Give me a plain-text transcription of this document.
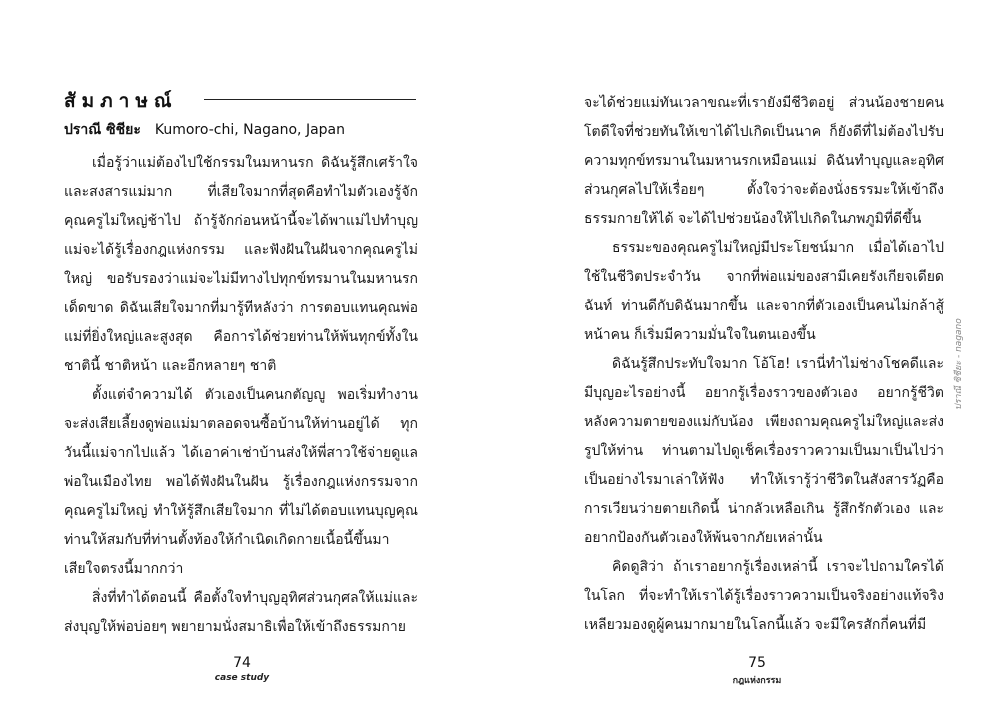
สัมภาษณ์
ปราณี ซิชียะ Kumoro-chi, Nagano, Japan

เมื่อรู้ว่าแม่ต้องไปใช้กรรมในมหานรก ดิฉันรู้สึกเศร้าใจและสงสารแม่มาก ที่เสียใจมากที่สุดคือทำไมตัวเองรู้จักคุณครูไม่ใหญ่ช้าไป ถ้ารู้จักก่อนหน้านี้จะได้พาแม่ไปทำบุญ แม่จะได้รู้เรื่องกฎแห่งกรรม และฟังฝันในฝันจากคุณครูไม่ใหญ่ ขอรับรองว่าแม่จะไม่มีทางไปทุกข์ทรมานในมหานรกเด็ดขาด ดิฉันเสียใจมากที่มารู้ทีหลังว่า การตอบแทนคุณพ่อแม่ที่ยิ่งใหญ่และสูงสุด คือการได้ช่วยท่านให้พ้นทุกข์ทั้งในชาตินี้ ชาติหน้า และอีกหลายๆ ชาติ

ตั้งแต่จำความได้ ตัวเองเป็นคนกตัญญู พอเริ่มทำงานจะส่งเสียเลี้ยงดูพ่อแม่มาตลอดจนซื้อบ้านให้ท่านอยู่ได้ ทุกวันนี้แม่จากไปแล้ว ได้เอาค่าเช่าบ้านส่งให้พี่สาวใช้จ่ายดูแลพ่อในเมืองไทย พอได้ฟังฝันในฝัน รู้เรื่องกฎแห่งกรรมจากคุณครูไม่ใหญ่ ทำให้รู้สึกเสียใจมาก ที่ไม่ได้ตอบแทนบุญคุณท่านให้สมกับที่ท่านตั้งท้องให้กำเนิดเกิดกายเนื้อนี้ขึ้นมา เสียใจตรงนี้มากกว่า

สิ่งที่ทำได้ตอนนี้ คือตั้งใจทำบุญอุทิศส่วนกุศลให้แม่และส่งบุญให้พ่อบ่อยๆ พยายามนั่งสมาธิเพื่อให้เข้าถึงธรรมกาย

74
case study

จะได้ช่วยแม่ทันเวลาขณะที่เรายังมีชีวิตอยู่ ส่วนน้องชายคนโตดีใจที่ช่วยทันให้เขาได้ไปเกิดเป็นนาค ก็ยังดีที่ไม่ต้องไปรับความทุกข์ทรมานในมหานรกเหมือนแม่ ดิฉันทำบุญและอุทิศส่วนกุศลไปให้เรื่อยๆ ตั้งใจว่าจะต้องนั่งธรรมะให้เข้าถึงธรรมกายให้ได้ จะได้ไปช่วยน้องให้ไปเกิดในภพภูมิที่ดีขึ้น

ธรรมะของคุณครูไม่ใหญ่มีประโยชน์มาก เมื่อได้เอาไปใช้ในชีวิตประจำวัน จากที่พ่อแม่ของสามีเคยรังเกียจเดียดฉันท์ ท่านดีกับดิฉันมากขึ้น และจากที่ตัวเองเป็นคนไม่กล้าสู้หน้าคน ก็เริ่มมีความมั่นใจในตนเองขึ้น

ดิฉันรู้สึกประทับใจมาก โอ้โฮ! เรานี่ทำไม่ช่างโชคดีและมีบุญอะไรอย่างนี้ อยากรู้เรื่องราวของตัวเอง อยากรู้ชีวิตหลังความตายของแม่กับน้อง เพียงถามคุณครูไม่ใหญ่และส่งรูปให้ท่าน ท่านตามไปดูเช็คเรื่องราวความเป็นมาเป็นไปว่าเป็นอย่างไรมาเล่าให้ฟัง ทำให้เรารู้ว่าชีวิตในสังสารวัฏคือการเวียนว่ายตายเกิดนี้ น่ากลัวเหลือเกิน รู้สึกรักตัวเอง และอยากป้องกันตัวเองให้พ้นจากภัยเหล่านั้น

คิดดูสิว่า ถ้าเราอยากรู้เรื่องเหล่านี้ เราจะไปถามใครได้ในโลก ที่จะทำให้เราได้รู้เรื่องราวความเป็นจริงอย่างแท้จริง เหลียวมองดูผู้คนมากมายในโลกนี้แล้ว จะมีใครสักกี่คนที่มี

ปราณี ซิชียะ - nagano
75
กฎแห่งกรรม
